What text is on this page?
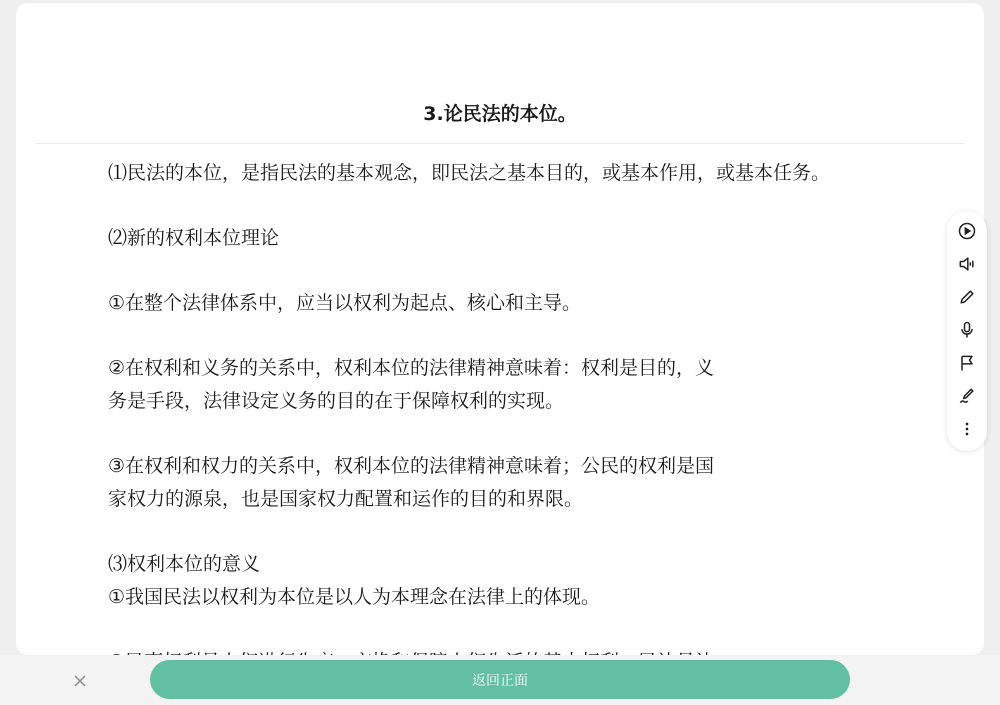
3.论民法的本位。

⑴民法的本位，是指民法的基本观念，即民法之基本目的，或基本作用，或基本任务。

⑵新的权利本位理论

①在整个法律体系中，应当以权利为起点、核心和主导。

②在权利和义务的关系中，权利本位的法律精神意味着：权利是目的，义

务是手段，法律设定义务的目的在于保障权利的实现。

③在权利和权力的关系中，权利本位的法律精神意味着；公民的权利是国

家权力的源泉，也是国家权力配置和运作的目的和界限。

⑶权利本位的意义

①我国民法以权利为本位是以人为本理念在法律上的体现。

返回正面
